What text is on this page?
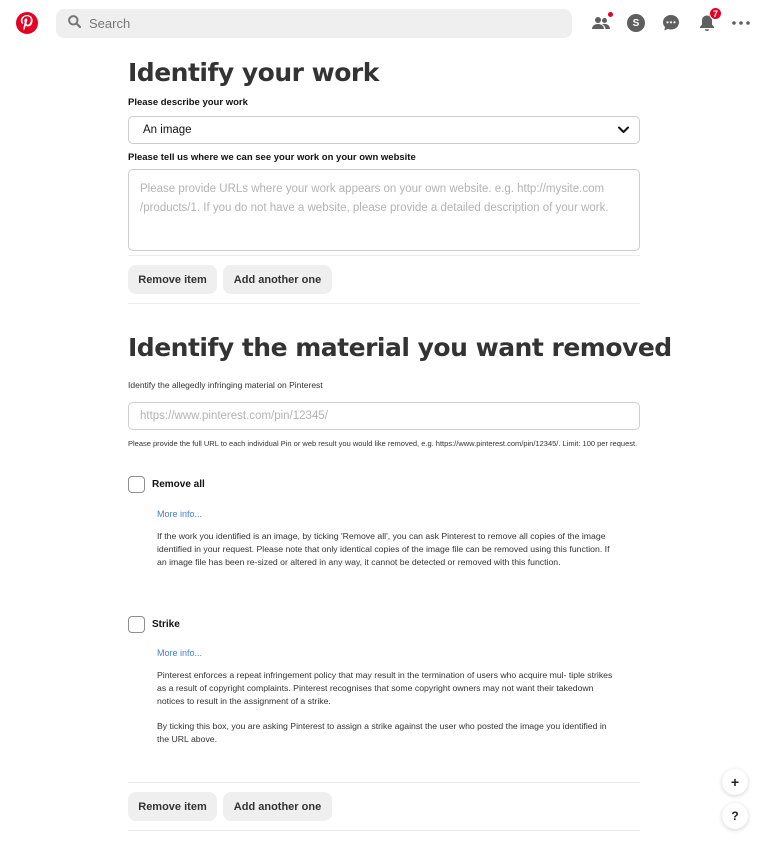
Search
S
7
Identify your work
Please describe your work
An image
Please tell us where we can see your work on your own website
Please provide URLs where your work appears on your own website. e.g. http://mysite.com /products/1. If you do not have a website, please provide a detailed description of your work.
Remove item	Add another one
Identify the material you want removed
Identify the allegedly infringing material on Pinterest
https://www.pinterest.com/pin/12345/
Please provide the full URL to each individual Pin or web result you would like removed, e.g. https://www.pinterest.com/pin/12345/. Limit: 100 per request.
Remove all
More info...
If the work you identified is an image, by ticking 'Remove all', you can ask Pinterest to remove all copies of the image identified in your request. Please note that only identical copies of the image file can be removed using this function. If an image file has been re-sized or altered in any way, it cannot be detected or removed with this function.
Strike
More info...
Pinterest enforces a repeat infringement policy that may result in the termination of users who acquire mul- tiple strikes as a result of copyright complaints. Pinterest recognises that some copyright owners may not want their takedown notices to result in the assignment of a strike.
By ticking this box, you are asking Pinterest to assign a strike against the user who posted the image you identified in the URL above.
Remove item	Add another one
+
?
